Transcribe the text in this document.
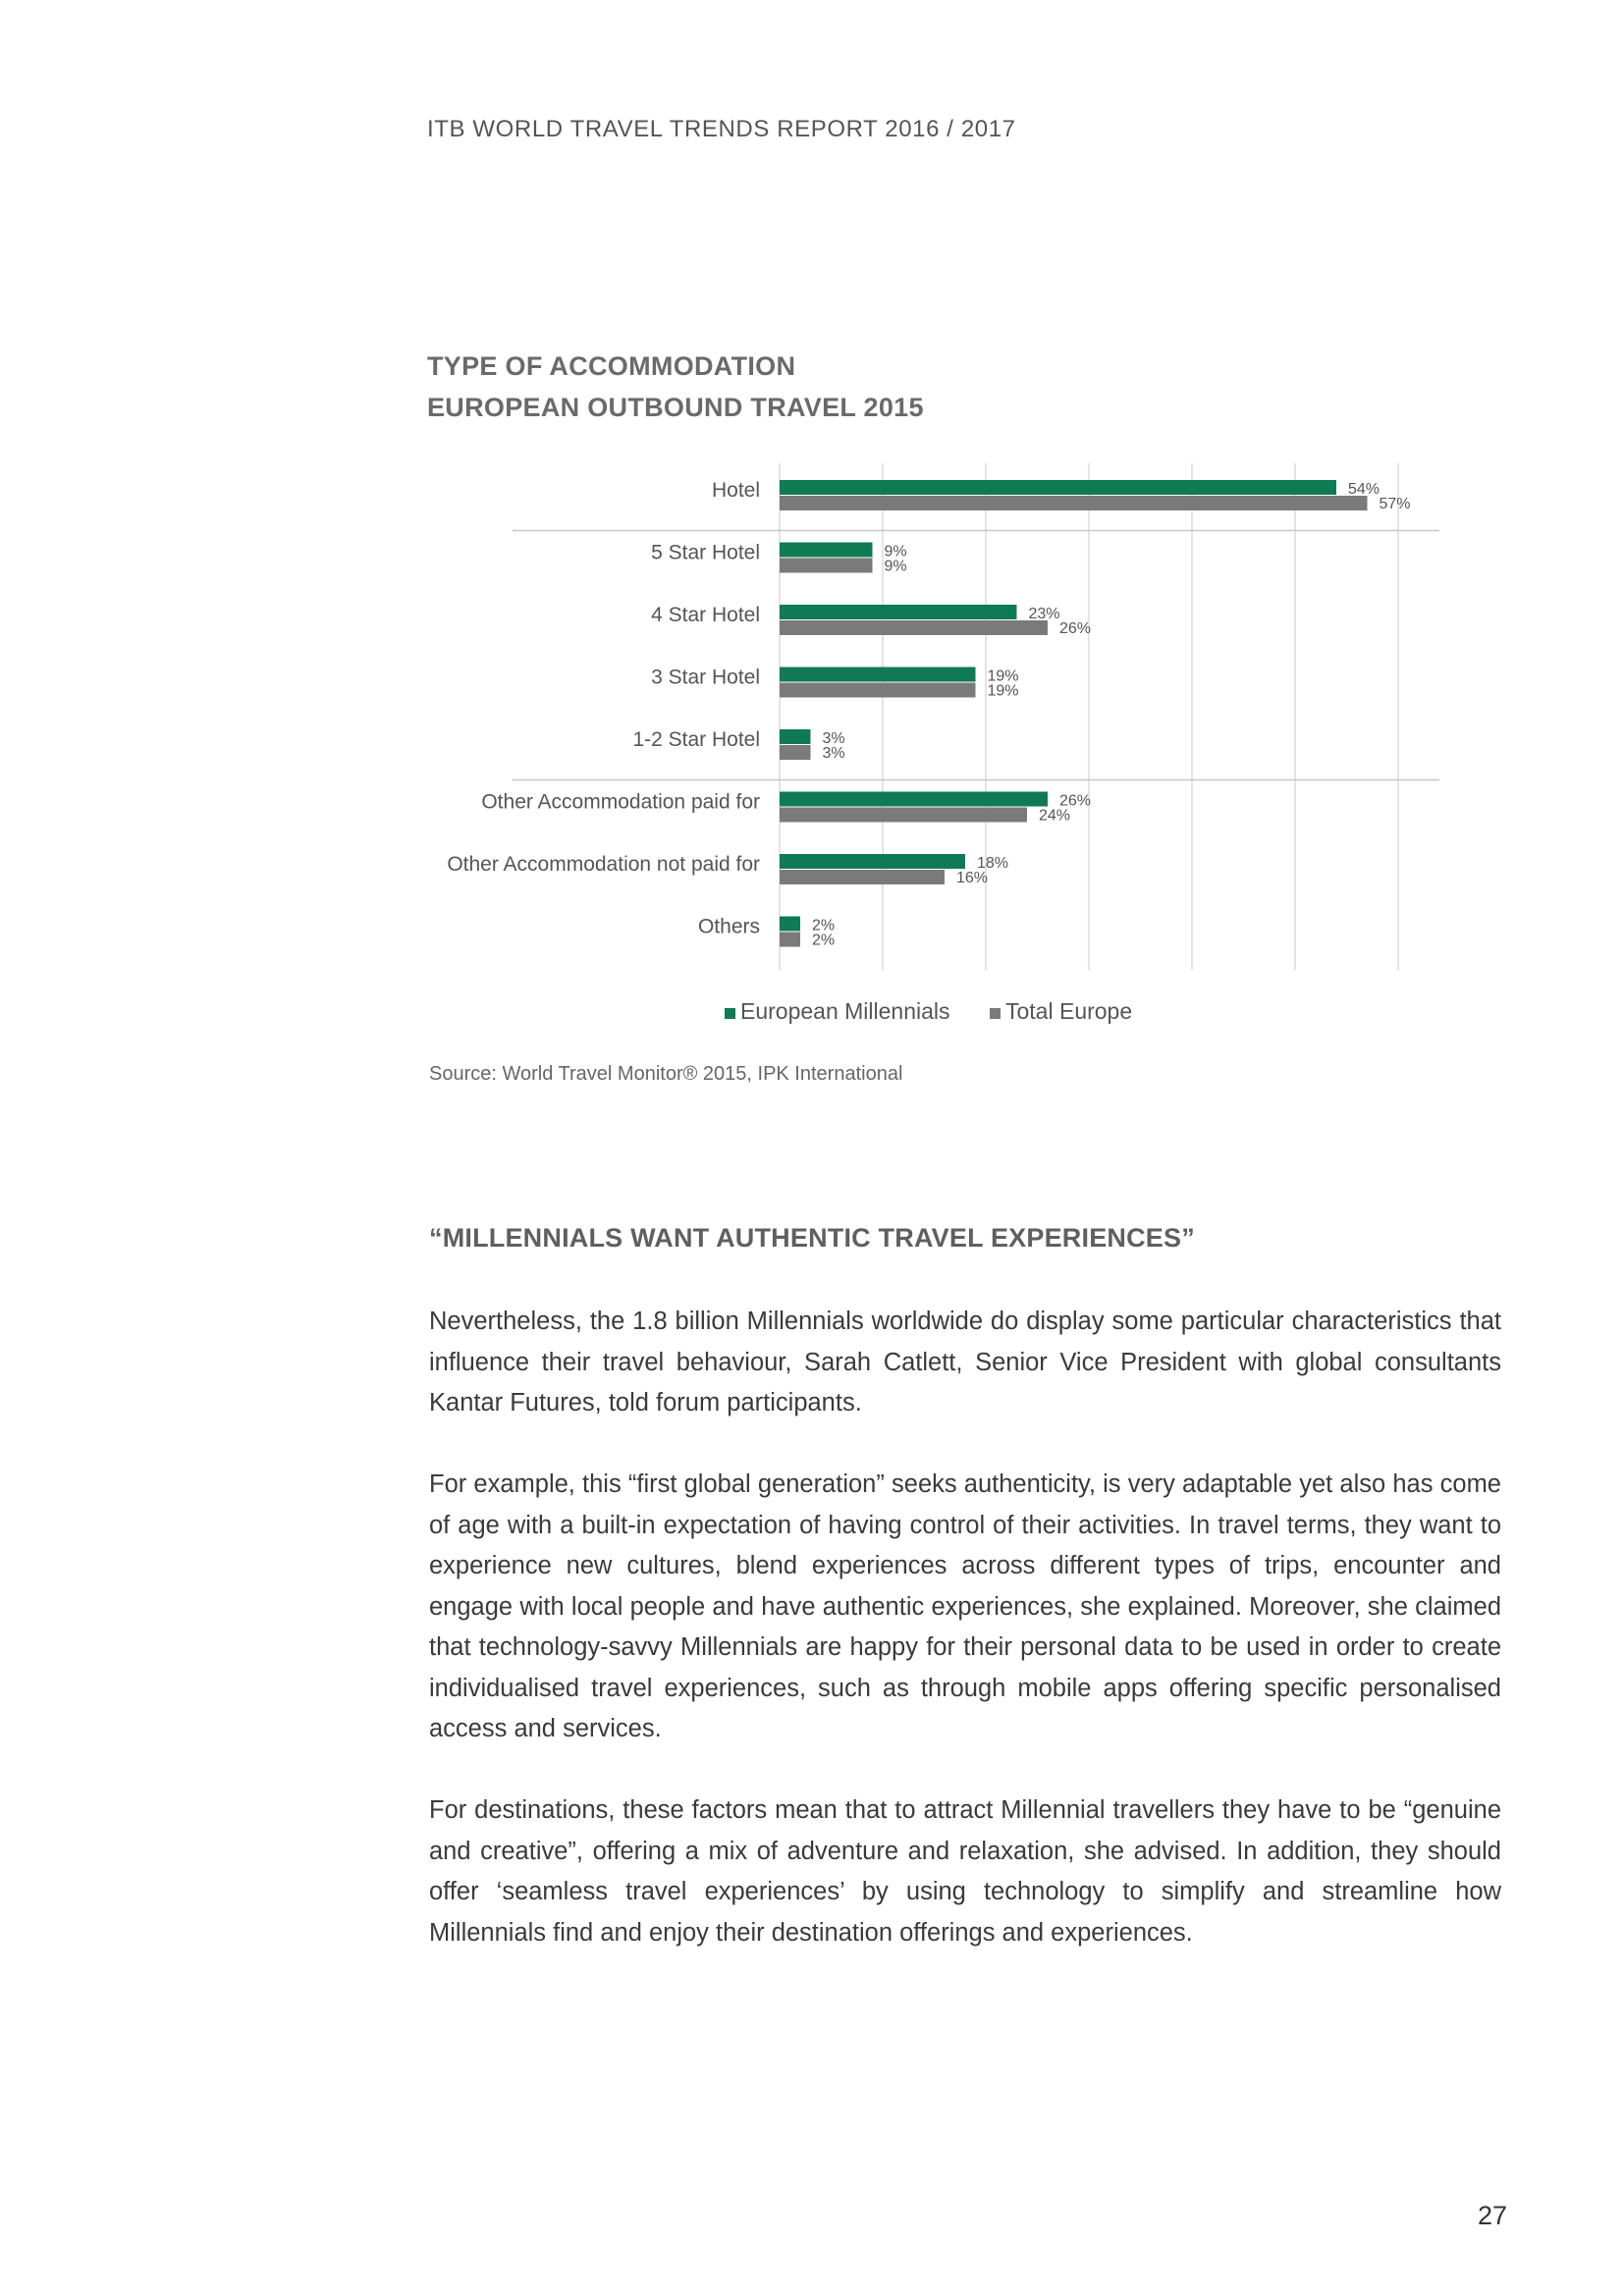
ITB WORLD TRAVEL TRENDS REPORT 2016 / 2017
TYPE OF ACCOMMODATION
EUROPEAN OUTBOUND TRAVEL 2015
Hotel	54%
57%
5 Star Hotel	9%
9%
4 Star Hotel	23%
26%
3 Star Hotel	19%
19%
1-2 Star Hotel	3%
3%
Other Accommodation paid for	26%
24%
Other Accommodation not paid for	18%
16%
Others	2%
2%
European Millennials Total Europe
Source: World Travel Monitor® 2015, IPK International
“MILLENNIALS WANT AUTHENTIC TRAVEL EXPERIENCES”

Nevertheless, the 1.8 billion Millennials worldwide do display some particular characteristics that influence their travel behaviour, Sarah Catlett, Senior Vice President with global consultants Kantar Futures, told forum participants.

For example, this “first global generation” seeks authenticity, is very adaptable yet also has come of age with a built-in expectation of having control of their activities. In travel terms, they want to experience new cultures, blend experiences across different types of trips, encounter and engage with local people and have authentic experiences, she explained. Moreover, she claimed that technology-savvy Millennials are happy for their personal data to be used in order to create individualised travel experiences, such as through mobile apps offering specific personalised access and services.

For destinations, these factors mean that to attract Millennial travellers they have to be “genuine and creative”, offering a mix of adventure and relaxation, she advised. In addition, they should offer ‘seamless travel experiences’ by using technology to simplify and streamline how Millennials find and enjoy their destination offerings and experiences.

27
